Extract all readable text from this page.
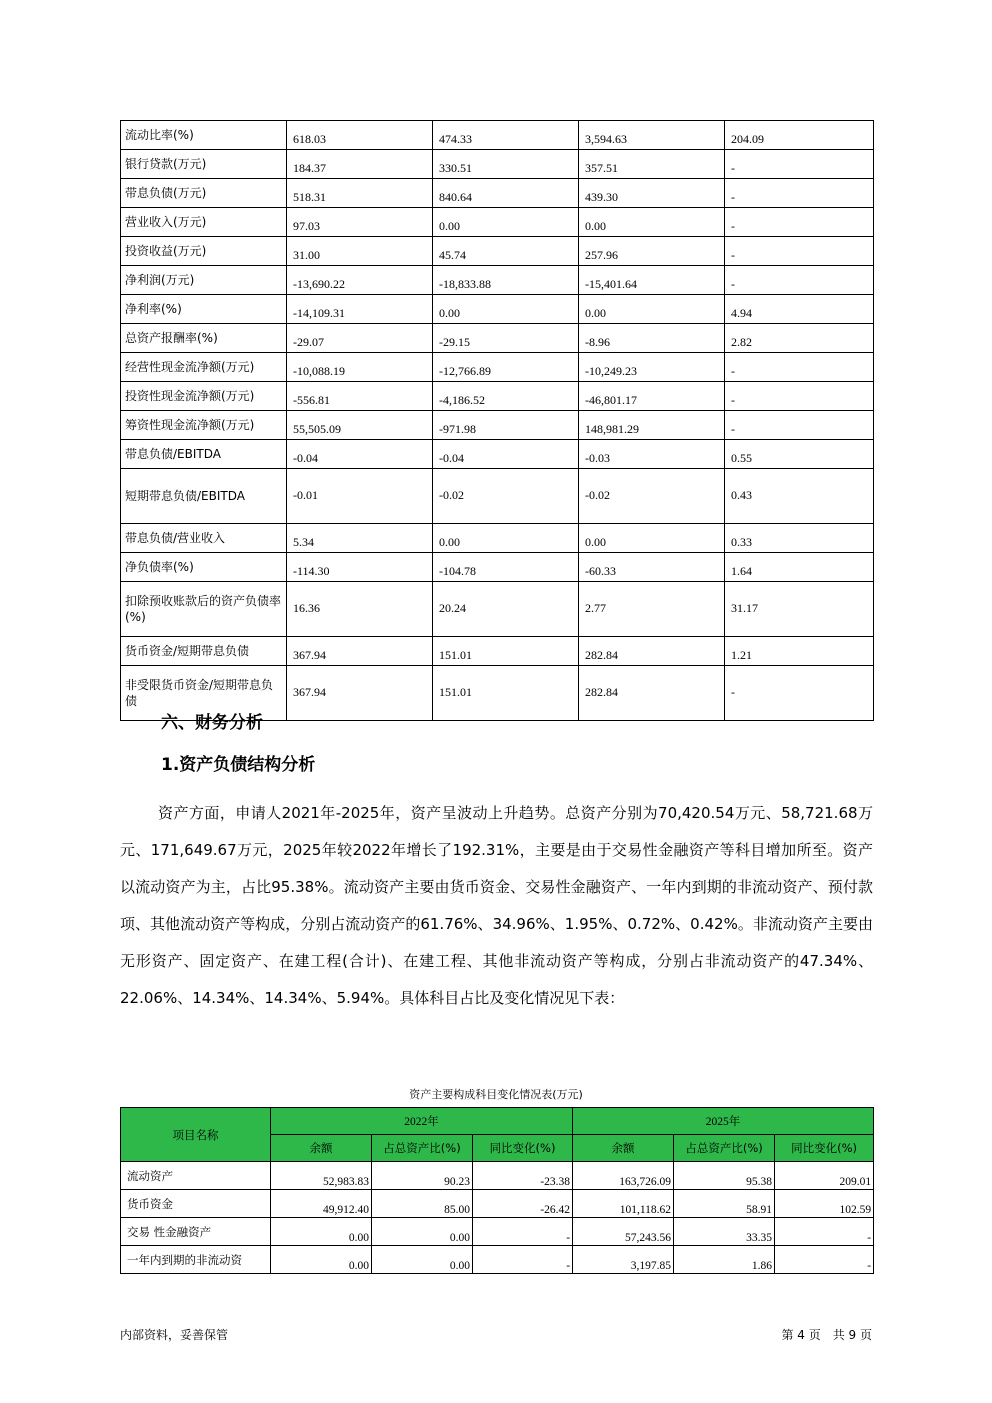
流动比率(%)	618.03	474.33	3,594.63	204.09
银行贷款(万元)	184.37	330.51	357.51	-
带息负债(万元)	518.31	840.64	439.30	-
营业收入(万元)	97.03	0.00	0.00	-
投资收益(万元)	31.00	45.74	257.96	-
净利润(万元)	-13,690.22	-18,833.88	-15,401.64	-
净利率(%)	-14,109.31	0.00	0.00	4.94
总资产报酬率(%)	-29.07	-29.15	-8.96	2.82
经营性现金流净额(万元)	-10,088.19	-12,766.89	-10,249.23	-
投资性现金流净额(万元)	-556.81	-4,186.52	-46,801.17	-
筹资性现金流净额(万元)	55,505.09	-971.98	148,981.29	-
带息负债/EBITDA	-0.04	-0.04	-0.03	0.55
短期带息负债/EBITDA	-0.01	-0.02	-0.02	0.43
带息负债/营业收入	5.34	0.00	0.00	0.33
净负债率(%)	-114.30	-104.78	-60.33	1.64
扣除预收账款后的资产负债率(%)	16.36	20.24	2.77	31.17
货币资金/短期带息负债	367.94	151.01	282.84	1.21
非受限货币资金/短期带息负债	367.94	151.01	282.84	-
六、财务分析
1.资产负债结构分析

资产方面，申请人2021年-2025年，资产呈波动上升趋势。总资产分别为70,420.54万元、58,721.68万元、171,649.67万元，2025年较2022年增长了192.31%，主要是由于交易性金融资产等科目增加所至。资产以流动资产为主，占比95.38%。流动资产主要由货币资金、交易性金融资产、一年内到期的非流动资产、预付款项、其他流动资产等构成，分别占流动资产的61.76%、34.96%、1.95%、0.72%、0.42%。非流动资产主要由无形资产、固定资产、在建工程(合计)、在建工程、其他非流动资产等构成，分别占非流动资产的47.34%、22.06%、14.34%、14.34%、5.94%。具体科目占比及变化情况见下表：

资产主要构成科目变化情况表(万元)
项目名称	2022年			2025年		
	余额	占总资产比(%)	同比变化(%)	余额	占总资产比(%)	同比变化(%)
流动资产	52,983.83	90.23	-23.38	163,726.09	95.38	209.01
货币资金	49,912.40	85.00	-26.42	101,118.62	58.91	102.59
交易 性金融资产	0.00	0.00	-	57,243.56	33.35	-
一年内到期的非流动资	0.00	0.00	-	3,197.85	1.86	-
内部资料，妥善保管	第 4 页　共 9 页
